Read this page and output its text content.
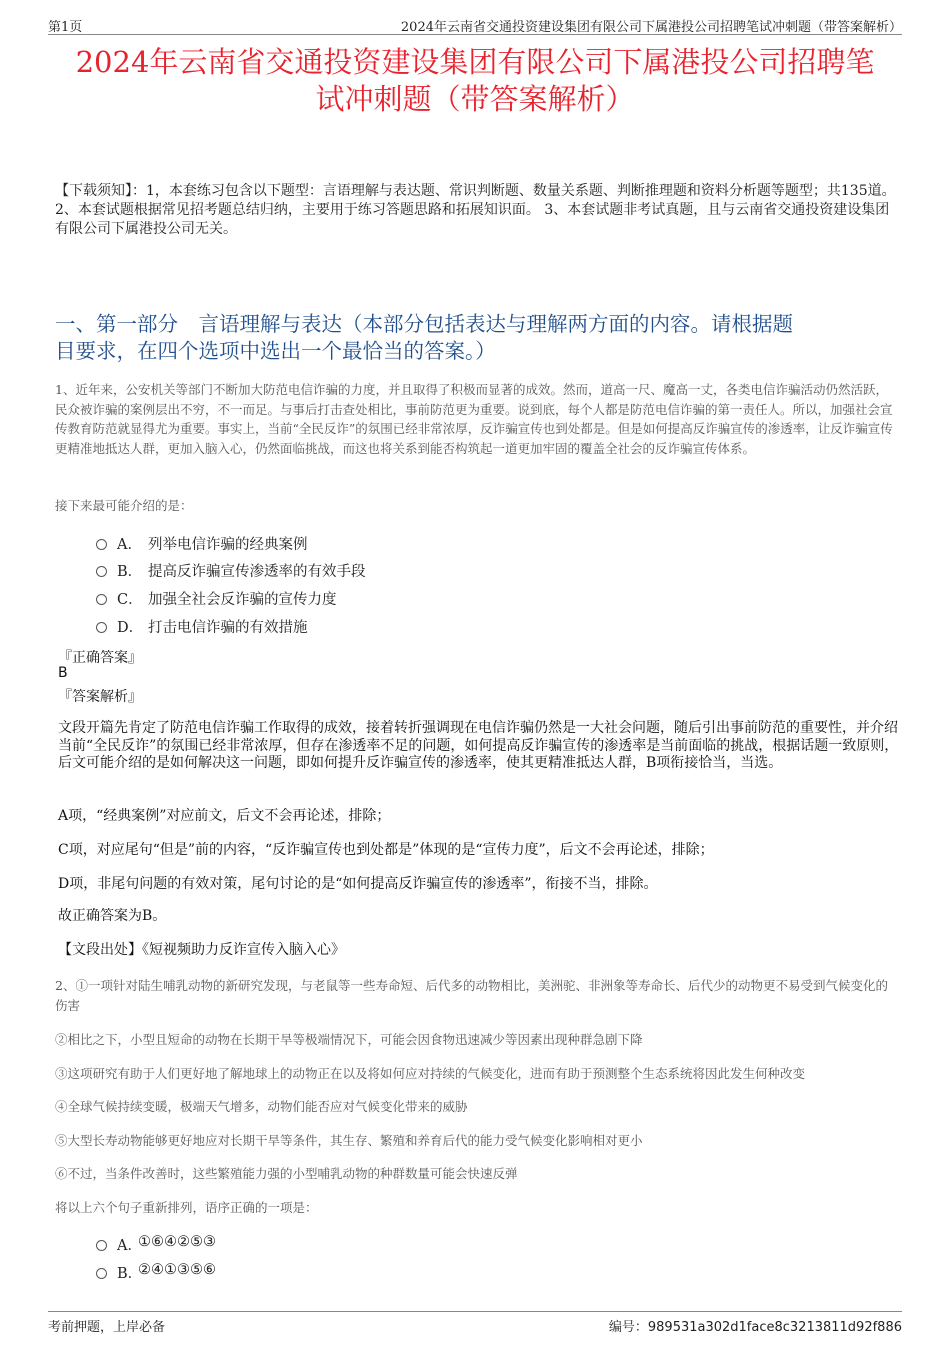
第1页	2024年云南省交通投资建设集团有限公司下属港投公司招聘笔试冲刺题（带答案解析）
2024年云南省交通投资建设集团有限公司下属港投公司招聘笔
试冲刺题（带答案解析）
【下载须知】：1，本套练习包含以下题型：言语理解与表达题、常识判断题、数量关系题、判断推理题和资料分析题等题型；共135道。 2、本套试题根据常见招考题总结归纳，主要用于练习答题思路和拓展知识面。 3、本套试题非考试真题，且与云南省交通投资建设集团有限公司下属港投公司无关。
一、第一部分　言语理解与表达（本部分包括表达与理解两方面的内容。请根据题
目要求，在四个选项中选出一个最恰当的答案。）
1、近年来，公安机关等部门不断加大防范电信诈骗的力度，并且取得了积极而显著的成效。然而，道高一尺、魔高一丈，各类电信诈骗活动仍然活跃，民众被诈骗的案例层出不穷，不一而足。与事后打击查处相比，事前防范更为重要。说到底，每个人都是防范电信诈骗的第一责任人。所以，加强社会宣传教育防范就显得尤为重要。事实上，当前“全民反诈”的氛围已经非常浓厚，反诈骗宣传也到处都是。但是如何提高反诈骗宣传的渗透率，让反诈骗宣传更精准地抵达人群，更加入脑入心，仍然面临挑战，而这也将关系到能否构筑起一道更加牢固的覆盖全社会的反诈骗宣传体系。
接下来最可能介绍的是：
A． 列举电信诈骗的经典案例
B． 提高反诈骗宣传渗透率的有效手段
C． 加强全社会反诈骗的宣传力度
D． 打击电信诈骗的有效措施
『正确答案』
B
『答案解析』
文段开篇先肯定了防范电信诈骗工作取得的成效，接着转折强调现在电信诈骗仍然是一大社会问题，随后引出事前防范的重要性，并介绍当前“全民反诈”的氛围已经非常浓厚，但存在渗透率不足的问题，如何提高反诈骗宣传的渗透率是当前面临的挑战，根据话题一致原则，后文可能介绍的是如何解决这一问题，即如何提升反诈骗宣传的渗透率，使其更精准抵达人群，B项衔接恰当，当选。
A项，“经典案例”对应前文，后文不会再论述，排除；
C项，对应尾句“但是”前的内容，“反诈骗宣传也到处都是”体现的是“宣传力度”，后文不会再论述，排除；
D项，非尾句问题的有效对策，尾句讨论的是“如何提高反诈骗宣传的渗透率”，衔接不当，排除。
故正确答案为B。
【文段出处】《短视频助力反诈宣传入脑入心》
2、①一项针对陆生哺乳动物的新研究发现，与老鼠等一些寿命短、后代多的动物相比，美洲驼、非洲象等寿命长、后代少的动物更不易受到气候变化的伤害
②相比之下，小型且短命的动物在长期干旱等极端情况下，可能会因食物迅速减少等因素出现种群急剧下降
③这项研究有助于人们更好地了解地球上的动物正在以及将如何应对持续的气候变化，进而有助于预测整个生态系统将因此发生何种改变
④全球气候持续变暖，极端天气增多，动物们能否应对气候变化带来的威胁
⑤大型长寿动物能够更好地应对长期干旱等条件，其生存、繁殖和养育后代的能力受气候变化影响相对更小
⑥不过，当条件改善时，这些繁殖能力强的小型哺乳动物的种群数量可能会快速反弹
将以上六个句子重新排列，语序正确的一项是：
A．
①⑥④②⑤③
B．
②④①③⑤⑥
考前押题，上岸必备	编号：989531a302d1face8c3213811d92f886
